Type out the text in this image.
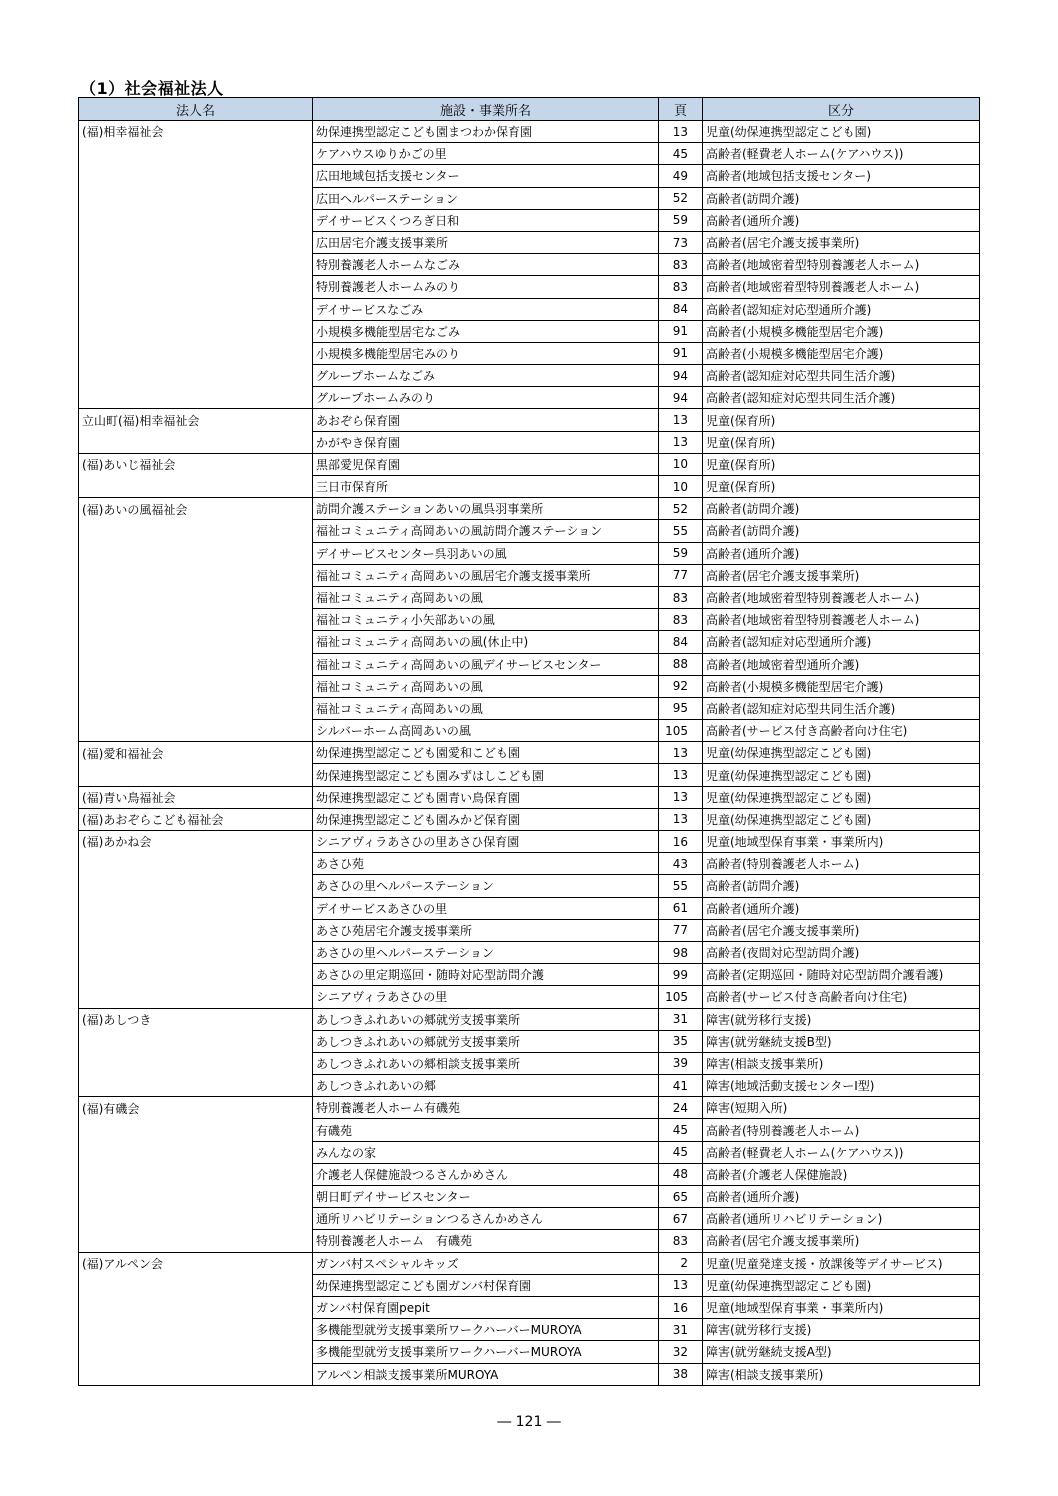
（1）社会福祉法人
法人名	施設・事業所名	頁	区分
(福)相幸福祉会	幼保連携型認定こども園まつわか保育園	13	児童(幼保連携型認定こども園)
	ケアハウスゆりかごの里	45	高齢者(軽費老人ホーム(ケアハウス))
	広田地域包括支援センター	49	高齢者(地域包括支援センター)
	広田ヘルパーステーション	52	高齢者(訪問介護)
	デイサービスくつろぎ日和	59	高齢者(通所介護)
	広田居宅介護支援事業所	73	高齢者(居宅介護支援事業所)
	特別養護老人ホームなごみ	83	高齢者(地域密着型特別養護老人ホーム)
	特別養護老人ホームみのり	83	高齢者(地域密着型特別養護老人ホーム)
	デイサービスなごみ	84	高齢者(認知症対応型通所介護)
	小規模多機能型居宅なごみ	91	高齢者(小規模多機能型居宅介護)
	小規模多機能型居宅みのり	91	高齢者(小規模多機能型居宅介護)
	グループホームなごみ	94	高齢者(認知症対応型共同生活介護)
	グループホームみのり	94	高齢者(認知症対応型共同生活介護)
立山町(福)相幸福祉会	あおぞら保育園	13	児童(保育所)
	かがやき保育園	13	児童(保育所)
(福)あいじ福祉会	黒部愛児保育園	10	児童(保育所)
	三日市保育所	10	児童(保育所)
(福)あいの風福祉会	訪問介護ステーションあいの風呉羽事業所	52	高齢者(訪問介護)
	福祉コミュニティ高岡あいの風訪問介護ステーション	55	高齢者(訪問介護)
	デイサービスセンター呉羽あいの風	59	高齢者(通所介護)
	福祉コミュニティ高岡あいの風居宅介護支援事業所	77	高齢者(居宅介護支援事業所)
	福祉コミュニティ高岡あいの風	83	高齢者(地域密着型特別養護老人ホーム)
	福祉コミュニティ小矢部あいの風	83	高齢者(地域密着型特別養護老人ホーム)
	福祉コミュニティ高岡あいの風(休止中)	84	高齢者(認知症対応型通所介護)
	福祉コミュニティ高岡あいの風デイサービスセンター	88	高齢者(地域密着型通所介護)
	福祉コミュニティ高岡あいの風	92	高齢者(小規模多機能型居宅介護)
	福祉コミュニティ高岡あいの風	95	高齢者(認知症対応型共同生活介護)
	シルバーホーム高岡あいの風	105	高齢者(サービス付き高齢者向け住宅)
(福)愛和福祉会	幼保連携型認定こども園愛和こども園	13	児童(幼保連携型認定こども園)
	幼保連携型認定こども園みずはしこども園	13	児童(幼保連携型認定こども園)
(福)青い鳥福祉会	幼保連携型認定こども園青い鳥保育園	13	児童(幼保連携型認定こども園)
(福)あおぞらこども福祉会	幼保連携型認定こども園みかど保育園	13	児童(幼保連携型認定こども園)
(福)あかね会	シニアヴィラあさひの里あさひ保育園	16	児童(地域型保育事業・事業所内)
	あさひ苑	43	高齢者(特別養護老人ホーム)
	あさひの里ヘルパーステーション	55	高齢者(訪問介護)
	デイサービスあさひの里	61	高齢者(通所介護)
	あさひ苑居宅介護支援事業所	77	高齢者(居宅介護支援事業所)
	あさひの里ヘルパーステーション	98	高齢者(夜間対応型訪問介護)
	あさひの里定期巡回・随時対応型訪問介護	99	高齢者(定期巡回・随時対応型訪問介護看護)
	シニアヴィラあさひの里	105	高齢者(サービス付き高齢者向け住宅)
(福)あしつき	あしつきふれあいの郷就労支援事業所	31	障害(就労移行支援)
	あしつきふれあいの郷就労支援事業所	35	障害(就労継続支援B型)
	あしつきふれあいの郷相談支援事業所	39	障害(相談支援事業所)
	あしつきふれあいの郷	41	障害(地域活動支援センターⅠ型)
(福)有磯会	特別養護老人ホーム有磯苑	24	障害(短期入所)
	有磯苑	45	高齢者(特別養護老人ホーム)
	みんなの家	45	高齢者(軽費老人ホーム(ケアハウス))
	介護老人保健施設つるさんかめさん	48	高齢者(介護老人保健施設)
	朝日町デイサービスセンター	65	高齢者(通所介護)
	通所リハビリテーションつるさんかめさん	67	高齢者(通所リハビリテーション)
	特別養護老人ホーム　有磯苑	83	高齢者(居宅介護支援事業所)
(福)アルペン会	ガンバ村スペシャルキッズ	2	児童(児童発達支援・放課後等デイサービス)
	幼保連携型認定こども園ガンバ村保育園	13	児童(幼保連携型認定こども園)
	ガンバ村保育園pepit	16	児童(地域型保育事業・事業所内)
	多機能型就労支援事業所ワークハーバーMUROYA	31	障害(就労移行支援)
	多機能型就労支援事業所ワークハーバーMUROYA	32	障害(就労継続支援A型)
	アルペン相談支援事業所MUROYA	38	障害(相談支援事業所)
― 121 ―
